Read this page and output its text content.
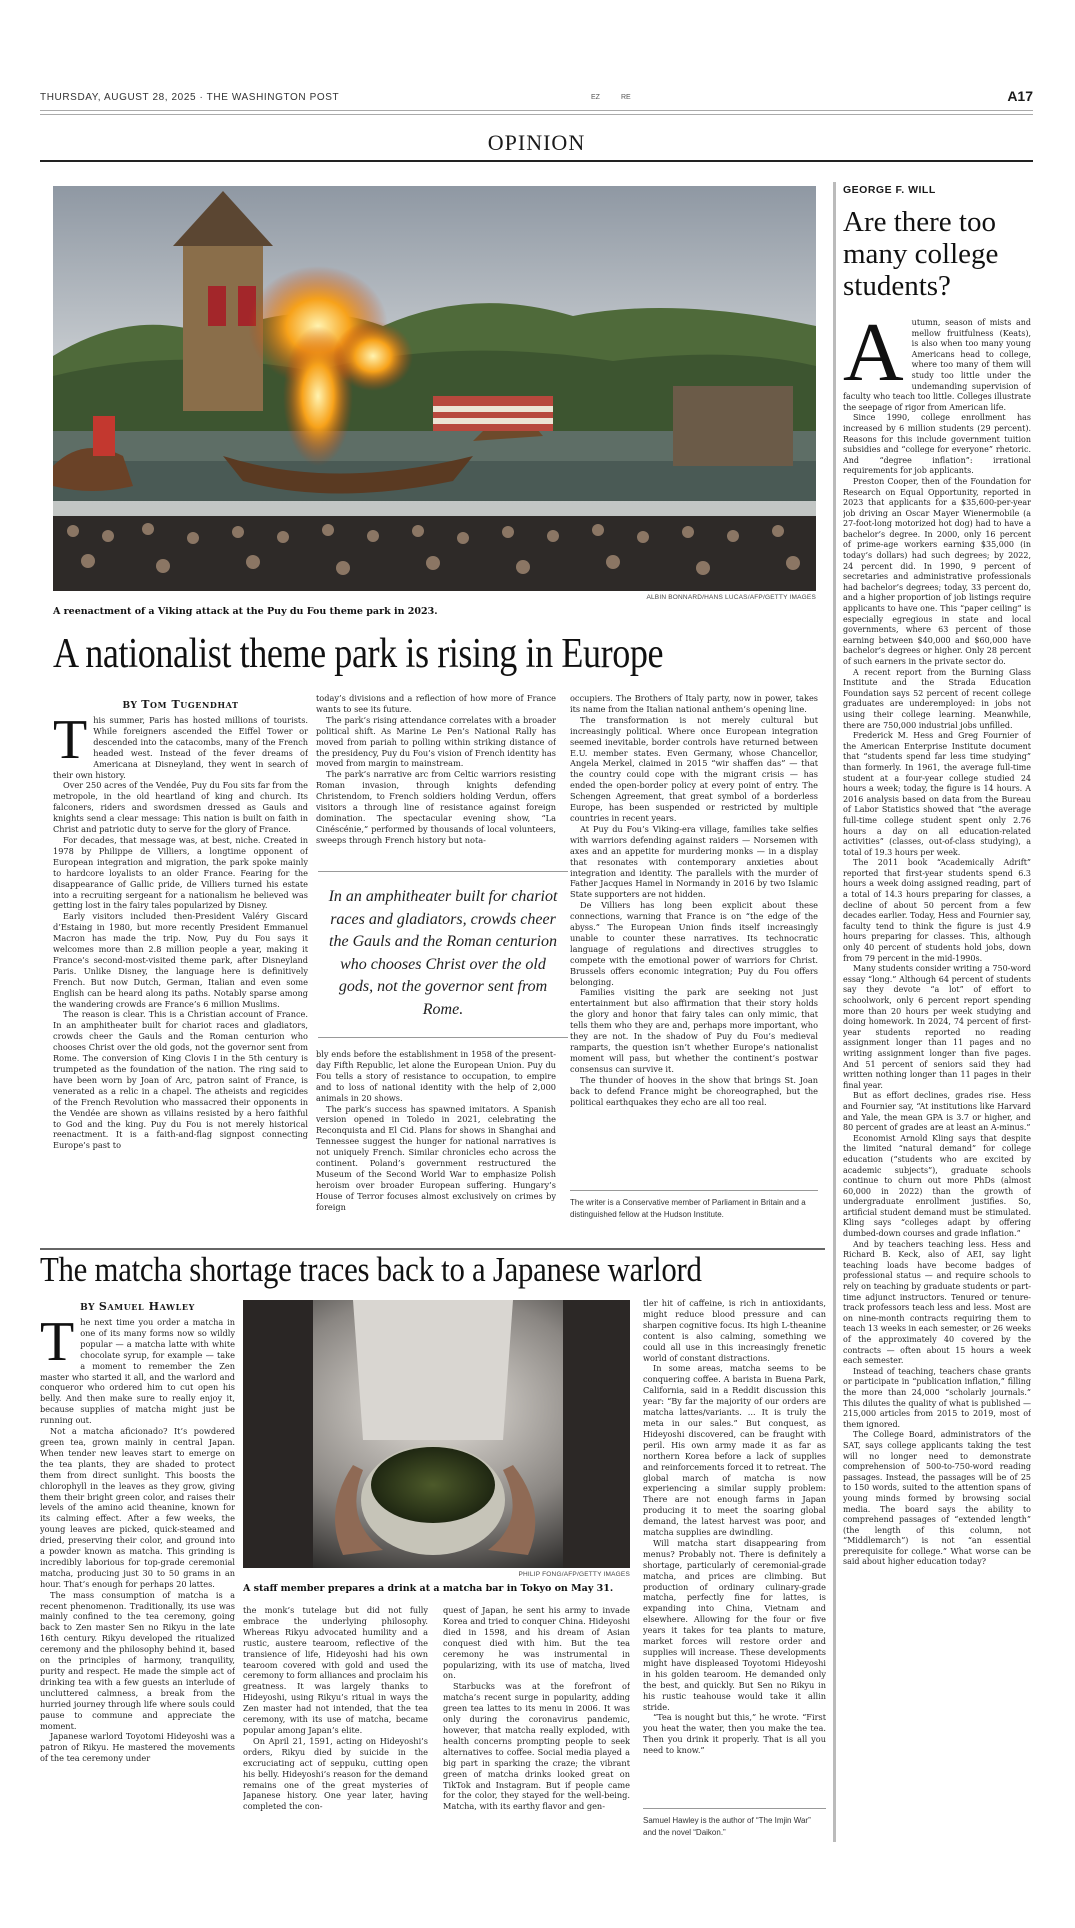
THURSDAY, AUGUST 28, 2025 · THE WASHINGTON POST	EZ	RE	A17
OPINION
ALBIN BONNARD/HANS LUCAS/AFP/GETTY IMAGES
A reenactment of a Viking attack at the Puy du Fou theme park in 2023.
A nationalist theme park is rising in Europe
BY Tom Tugendhat

This summer, Paris has hosted millions of tourists. While foreigners ascended the Eiffel Tower or descended into the catacombs, many of the French headed west. Instead of the fever dreams of Americana at Disneyland, they went in search of their own history.

Over 250 acres of the Vendée, Puy du Fou sits far from the metropole, in the old heartland of king and church. Its falconers, riders and swordsmen dressed as Gauls and knights send a clear message: This nation is built on faith in Christ and patriotic duty to serve for the glory of France.

For decades, that message was, at best, niche. Created in 1978 by Philippe de Villiers, a longtime opponent of European integration and migration, the park spoke mainly to hardcore loyalists to an older France. Fearing for the disappearance of Gallic pride, de Villiers turned his estate into a recruiting sergeant for a nationalism he believed was getting lost in the fairy tales popularized by Disney.

Early visitors included then-President Valéry Giscard d’Estaing in 1980, but more recently President Emmanuel Macron has made the trip. Now, Puy du Fou says it welcomes more than 2.8 million people a year, making it France’s second-most-visited theme park, after Disneyland Paris. Unlike Disney, the language here is definitively French. But now Dutch, German, Italian and even some English can be heard along its paths. Notably sparse among the wandering crowds are France’s 6 million Muslims.

The reason is clear. This is a Christian account of France. In an amphitheater built for chariot races and gladiators, crowds cheer the Gauls and the Roman centurion who chooses Christ over the old gods, not the governor sent from Rome. The conversion of King Clovis I in the 5th century is trumpeted as the foundation of the nation. The ring said to have been worn by Joan of Arc, patron saint of France, is venerated as a relic in a chapel. The atheists and regicides of the French Revolution who massacred their opponents in the Vendée are shown as villains resisted by a hero faithful to God and the king. Puy du Fou is not merely historical reenactment. It is a faith-and-flag signpost connecting Europe’s past to

today’s divisions and a reflection of how more of France wants to see its future.

The park’s rising attendance correlates with a broader political shift. As Marine Le Pen’s National Rally has moved from pariah to polling within striking distance of the presidency, Puy du Fou’s vision of French identity has moved from margin to mainstream.

The park’s narrative arc from Celtic warriors resisting Roman invasion, through knights defending Christendom, to French soldiers holding Verdun, offers visitors a through line of resistance against foreign domination. The spectacular evening show, “La Cinéscénie,” performed by thousands of local volunteers, sweeps through French history but nota-

In an amphitheater built for chariot races and gladiators, crowds cheer the Gauls and the Roman centurion who chooses Christ over the old gods, not the governor sent from Rome.

bly ends before the establishment in 1958 of the present-day Fifth Republic, let alone the European Union. Puy du Fou tells a story of resistance to occupation, to empire and to loss of national identity with the help of 2,000 animals in 20 shows.

The park’s success has spawned imitators. A Spanish version opened in Toledo in 2021, celebrating the Reconquista and El Cid. Plans for shows in Shanghai and Tennessee suggest the hunger for national narratives is not uniquely French. Similar chronicles echo across the continent. Poland’s government restructured the Museum of the Second World War to emphasize Polish heroism over broader European suffering. Hungary’s House of Terror focuses almost exclusively on crimes by foreign

occupiers. The Brothers of Italy party, now in power, takes its name from the Italian national anthem’s opening line.

The transformation is not merely cultural but increasingly political. Where once European integration seemed inevitable, border controls have returned between E.U. member states. Even Germany, whose Chancellor, Angela Merkel, claimed in 2015 “wir shaffen das” — that the country could cope with the migrant crisis — has ended the open-border policy at every point of entry. The Schengen Agreement, that great symbol of a borderless Europe, has been suspended or restricted by multiple countries in recent years.

At Puy du Fou’s Viking-era village, families take selfies with warriors defending against raiders — Norsemen with axes and an appetite for murdering monks — in a display that resonates with contemporary anxieties about integration and identity. The parallels with the murder of Father Jacques Hamel in Normandy in 2016 by two Islamic State supporters are not hidden.

De Villiers has long been explicit about these connections, warning that France is on “the edge of the abyss.” The European Union finds itself increasingly unable to counter these narratives. Its technocratic language of regulations and directives struggles to compete with the emotional power of warriors for Christ. Brussels offers economic integration; Puy du Fou offers belonging.

Families visiting the park are seeking not just entertainment but also affirmation that their story holds the glory and honor that fairy tales can only mimic, that tells them who they are and, perhaps more important, who they are not. In the shadow of Puy du Fou’s medieval ramparts, the question isn’t whether Europe’s nationalist moment will pass, but whether the continent’s postwar consensus can survive it.

The thunder of hooves in the show that brings St. Joan back to defend France might be choreographed, but the political earthquakes they echo are all too real.

The writer is a Conservative member of Parliament in Britain and a distinguished fellow at the Hudson Institute.
The matcha shortage traces back to a Japanese warlord
BY Samuel Hawley

The next time you order a matcha in one of its many forms now so wildly popular — a matcha latte with white chocolate syrup, for example — take a moment to remember the Zen master who started it all, and the warlord and conqueror who ordered him to cut open his belly. And then make sure to really enjoy it, because supplies of matcha might just be running out.

Not a matcha aficionado? It’s powdered green tea, grown mainly in central Japan. When tender new leaves start to emerge on the tea plants, they are shaded to protect them from direct sunlight. This boosts the chlorophyll in the leaves as they grow, giving them their bright green color, and raises their levels of the amino acid theanine, known for its calming effect. After a few weeks, the young leaves are picked, quick-steamed and dried, preserving their color, and ground into a powder known as matcha. This grinding is incredibly laborious for top-grade ceremonial matcha, producing just 30 to 50 grams in an hour. That’s enough for perhaps 20 lattes.

The mass consumption of matcha is a recent phenomenon. Traditionally, its use was mainly confined to the tea ceremony, going back to Zen master Sen no Rikyu in the late 16th century. Rikyu developed the ritualized ceremony and the philosophy behind it, based on the principles of harmony, tranquility, purity and respect. He made the simple act of drinking tea with a few guests an interlude of uncluttered calmness, a break from the hurried journey through life where souls could pause to commune and appreciate the moment.

Japanese warlord Toyotomi Hideyoshi was a patron of Rikyu. He mastered the movements of the tea ceremony under

PHILIP FONG/AFP/GETTY IMAGES
A staff member prepares a drink at a matcha bar in Tokyo on May 31.

the monk’s tutelage but did not fully embrace the underlying philosophy. Whereas Rikyu advocated humility and a rustic, austere tearoom, reflective of the transience of life, Hideyoshi had his own tearoom covered with gold and used the ceremony to form alliances and proclaim his greatness. It was largely thanks to Hideyoshi, using Rikyu’s ritual in ways the Zen master had not intended, that the tea ceremony, with its use of matcha, became popular among Japan’s elite.

On April 21, 1591, acting on Hideyoshi’s orders, Rikyu died by suicide in the excruciating act of seppuku, cutting open his belly. Hideyoshi’s reason for the demand remains one of the great mysteries of Japanese history. One year later, having completed the con-

quest of Japan, he sent his army to invade Korea and tried to conquer China. Hideyoshi died in 1598, and his dream of Asian conquest died with him. But the tea ceremony he was instrumental in popularizing, with its use of matcha, lived on.

Starbucks was at the forefront of matcha’s recent surge in popularity, adding green tea lattes to its menu in 2006. It was only during the coronavirus pandemic, however, that matcha really exploded, with health concerns prompting people to seek alternatives to coffee. Social media played a big part in sparking the craze; the vibrant green of matcha drinks looked great on TikTok and Instagram. But if people came for the color, they stayed for the well-being. Matcha, with its earthy flavor and gen-

tler hit of caffeine, is rich in antioxidants, might reduce blood pressure and can sharpen cognitive focus. Its high L-theanine content is also calming, something we could all use in this increasingly frenetic world of constant distractions.

In some areas, matcha seems to be conquering coffee. A barista in Buena Park, California, said in a Reddit discussion this year: “By far the majority of our orders are matcha lattes/variants. ... It is truly the meta in our sales.” But conquest, as Hideyoshi discovered, can be fraught with peril. His own army made it as far as northern Korea before a lack of supplies and reinforcements forced it to retreat. The global march of matcha is now experiencing a similar supply problem: There are not enough farms in Japan producing it to meet the soaring global demand, the latest harvest was poor, and matcha supplies are dwindling.

Will matcha start disappearing from menus? Probably not. There is definitely a shortage, particularly of ceremonial-grade matcha, and prices are climbing. But production of ordinary culinary-grade matcha, perfectly fine for lattes, is expanding into China, Vietnam and elsewhere. Allowing for the four or five years it takes for tea plants to mature, market forces will restore order and supplies will increase. These developments might have displeased Toyotomi Hideyoshi in his golden tearoom. He demanded only the best, and quickly. But Sen no Rikyu in his rustic teahouse would take it allin stride.

“Tea is nought but this,” he wrote. “First you heat the water, then you make the tea. Then you drink it properly. That is all you need to know.”

Samuel Hawley is the author of “The Imjin War” and the novel “Daikon.”
GEORGE F. WILL
Are there too many college students?

A	utumn, season of mists and mellow fruitfulness (Keats), is also when too many young Americans head to college, where too many of them will study too little under the undemanding supervision of faculty who teach too little. Colleges illustrate the seepage of rigor from American life.

Since 1990, college enrollment has increased by 6 million students (29 percent). Reasons for this include government tuition subsidies and “college for everyone” rhetoric. And “degree inflation”: irrational requirements for job applicants.

Preston Cooper, then of the Foundation for Research on Equal Opportunity, reported in 2023 that applicants for a $35,600-per-year job driving an Oscar Mayer Wienermobile (a 27-foot-long motorized hot dog) had to have a bachelor’s degree. In 2000, only 16 percent of prime-age workers earning $35,000 (in today’s dollars) had such degrees; by 2022, 24 percent did. In 1990, 9 percent of secretaries and administrative professionals had bachelor’s degrees; today, 33 percent do, and a higher proportion of job listings require applicants to have one. This “paper ceiling” is especially egregious in state and local governments, where 63 percent of those earning between $40,000 and $60,000 have bachelor’s degrees or higher. Only 28 percent of such earners in the private sector do.

A recent report from the Burning Glass Institute and the Strada Education Foundation says 52 percent of recent college graduates are underemployed: in jobs not using their college learning. Meanwhile, there are 750,000 industrial jobs unfilled.

Frederick M. Hess and Greg Fournier of the American Enterprise Institute document that “students spend far less time studying” than formerly. In 1961, the average full-time student at a four-year college studied 24 hours a week; today, the figure is 14 hours. A 2016 analysis based on data from the Bureau of Labor Statistics showed that “the average full-time college student spent only 2.76 hours a day on all education-related activities” (classes, out-of-class studying), a total of 19.3 hours per week.

The 2011 book “Academically Adrift” reported that first-year students spend 6.3 hours a week doing assigned reading, part of a total of 14.3 hours preparing for classes, a decline of about 50 percent from a few decades earlier. Today, Hess and Fournier say, faculty tend to think the figure is just 4.9 hours preparing for classes. This, although only 40 percent of students hold jobs, down from 79 percent in the mid-1990s.

Many students consider writing a 750-word essay “long.” Although 64 percent of students say they devote “a lot” of effort to schoolwork, only 6 percent report spending more than 20 hours per week studying and doing homework. In 2024, 74 percent of first-year students reported no reading assignment longer than 11 pages and no writing assignment longer than five pages. And 51 percent of seniors said they had written nothing longer than 11 pages in their final year.

But as effort declines, grades rise. Hess and Fournier say, “At institutions like Harvard and Yale, the mean GPA is 3.7 or higher, and 80 percent of grades are at least an A-minus.”

Economist Arnold Kling says that despite the limited “natural demand” for college education (“students who are excited by academic subjects”), graduate schools continue to churn out more PhDs (almost 60,000 in 2022) than the growth of undergraduate enrollment justifies. So, artificial student demand must be stimulated. Kling says “colleges adapt by offering dumbed-down courses and grade inflation.”

And by teachers teaching less. Hess and Richard B. Keck, also of AEI, say light teaching loads have become badges of professional status — and require schools to rely on teaching by graduate students or part-time adjunct instructors. Tenured or tenure-track professors teach less and less. Most are on nine-month contracts requiring them to teach 13 weeks in each semester, or 26 weeks of the approximately 40 covered by the contracts — often about 15 hours a week each semester.

Instead of teaching, teachers chase grants or participate in “publication inflation,” filling the more than 24,000 “scholarly journals.” This dilutes the quality of what is published — 215,000 articles from 2015 to 2019, most of them ignored.

The College Board, administrators of the SAT, says college applicants taking the test will no longer need to demonstrate comprehension of 500-to-750-word reading passages. Instead, the passages will be of 25 to 150 words, suited to the attention spans of young minds formed by browsing social media. The board says the ability to comprehend passages of “extended length” (the length of this column, not “Middlemarch”) is not “an essential prerequisite for college.” What worse can be said about higher education today?
